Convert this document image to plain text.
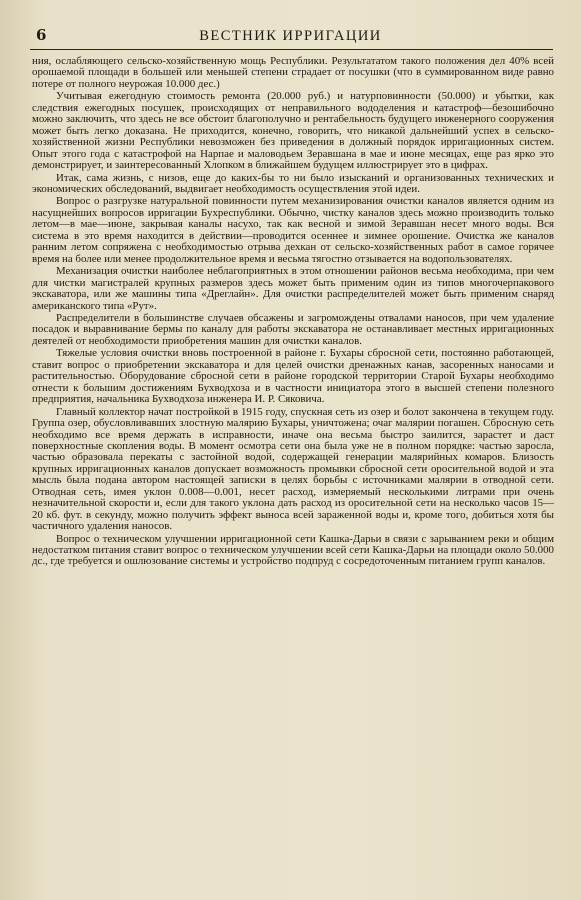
6	ВЕСТНИК ИРРИГАЦИИ

ния, ослабляющего сельско-хозяйственную мощь Республики. Результататом такого положения дел 40% всей орошаемой площади в большей или меньшей степени страдает от посушки (что в суммированном виде равно потере от полного неурожая 10.000 дес.)

Учитывая ежегодную стоимость ремонта (20.000 руб.) и натурповинности (50.000) и убытки, как следствия ежегодных посушек, происходящих от неправильного вододеления и катастроф—безошибочно можно заключить, что здесь не все обстоит благополучно и рентабельность будущего инженерного сооружения может быть легко доказана. Не приходится, конечно, говорить, что никакой дальнейший успех в сельско-хозяйственной жизни Республики невозможен без приведения в должный порядок ирригационных систем. Опыт этого года с катастрофой на Нарпае и маловодьем Зеравшана в мае и июне месяцах, еще раз ярко это демонстрирует, и заинтересованный Хлопком в ближайшем будущем иллюстрирует это в цифрах.

Итак, сама жизнь, с низов, еще до каких-бы то ни было изысканий и организованных технических и экономических обследований, выдвигает необходимость осуществления этой идеи.

Вопрос о разгрузке натуральной повинности путем механизирования очистки каналов является одним из насущнейших вопросов ирригации Бухреспублики. Обычно, чистку каналов здесь можно производить только летом—в мае—июне, закрывая каналы насухо, так как весной и зимой Зеравшан несет много воды. Вся система в это время находится в действии—проводится осеннее и зимнее орошение. Очистка же каналов ранним летом сопряжена с необходимостью отрыва дехкан от сельско-хозяйственных работ в самое горячее время на более или менее продолжительное время и весьма тягостно отзывается на водопользователях.

Механизация очистки наиболее неблагоприятных в этом отношении районов весьма необходима, при чем для чистки магистралей крупных размеров здесь может быть применим один из типов многочерпакового экскаватора, или же машины типа «Дреглайн». Для очистки распределителей может быть применим снаряд американского типа «Рут».

Распределители в большинстве случаев обсажены и загромождены отвалами наносов, при чем удаление посадок и выравнивание бермы по каналу для работы экскаватора не останавливает местных ирригационных деятелей от необходимости приобретения машин для очистки каналов.

Тяжелые условия очистки вновь построенной в районе г. Бухары сбросной сети, постоянно работающей, ставит вопрос о приобретении экскаватора и для целей очистки дренажных канав, засоренных наносами и растительностью. Оборудование сбросной сети в районе городской территории Старой Бухары необходимо отнести к большим достижениям Бухводхоза и в частности инициатора этого в высшей степени полезного предприятия, начальника Бухводхоза инженера И. Р. Сяковича.

Главный коллектор начат постройкой в 1915 году, спускная сеть из озер и болот закончена в текущем году. Группа озер, обусловливавших злостную малярию Бухары, уничтожена; очаг малярии погашен. Сбросную сеть необходимо все время держать в исправности, иначе она весьма быстро заилится, зарастет и даст поверхностные скопления воды. В момент осмотра сети она была уже не в полном порядке: частью заросла, частью образовала перекаты с застойной водой, содержащей генерации малярийных комаров. Близость крупных ирригационных каналов допускает возможность промывки сбросной сети оросительной водой и эта мысль была подана автором настоящей записки в целях борьбы с источниками малярии в отводной сети. Отводная сеть, имея уклон 0.008—0.001, несет расход, измеряемый несколькими литрами при очень незначительной скорости и, если для такого уклона дать расход из оросительной сети на несколько часов 15—20 кб. фут. в секунду, можно получить эффект выноса всей зараженной воды и, кроме того, добиться хотя бы частичного удаления наносов.

Вопрос о техническом улучшении ирригационной сети Кашка-Дарьи в связи с зарыванием реки и общим недостатком питания ставит вопрос о техническом улучшении всей сети Кашка-Дарьи на площади около 50.000 дс., где требуется и ошлюзование системы и устройство подпруд с сосредоточенным питанием групп каналов.
